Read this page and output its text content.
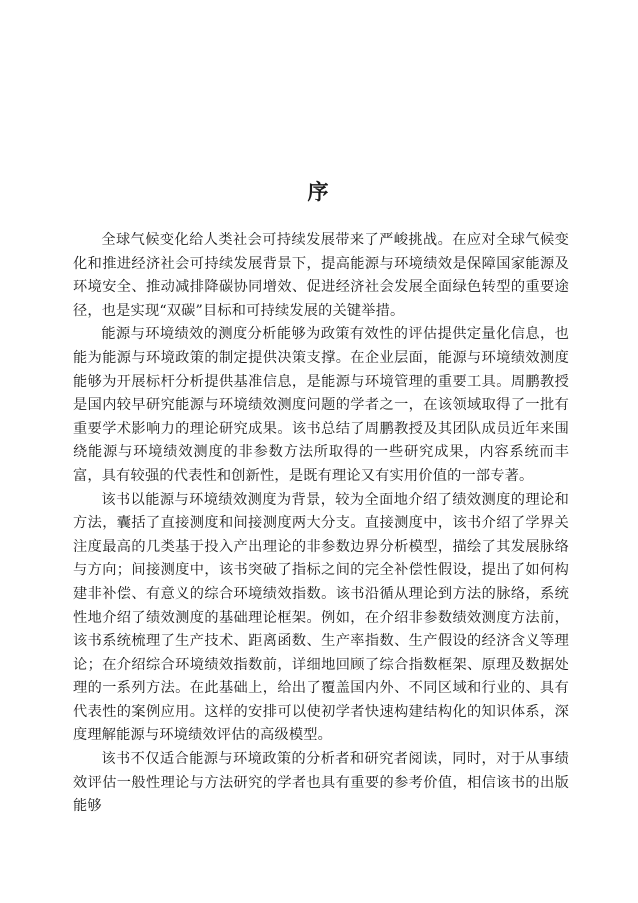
序

全球气候变化给人类社会可持续发展带来了严峻挑战。在应对全球气候变化和推进经济社会可持续发展背景下，提高能源与环境绩效是保障国家能源及环境安全、推动减排降碳协同增效、促进经济社会发展全面绿色转型的重要途径，也是实现“双碳”目标和可持续发展的关键举措。

能源与环境绩效的测度分析能够为政策有效性的评估提供定量化信息，也能为能源与环境政策的制定提供决策支撑。在企业层面，能源与环境绩效测度能够为开展标杆分析提供基准信息，是能源与环境管理的重要工具。周鹏教授是国内较早研究能源与环境绩效测度问题的学者之一，在该领域取得了一批有重要学术影响力的理论研究成果。该书总结了周鹏教授及其团队成员近年来围绕能源与环境绩效测度的非参数方法所取得的一些研究成果，内容系统而丰富，具有较强的代表性和创新性，是既有理论又有实用价值的一部专著。

该书以能源与环境绩效测度为背景，较为全面地介绍了绩效测度的理论和方法，囊括了直接测度和间接测度两大分支。直接测度中，该书介绍了学界关注度最高的几类基于投入产出理论的非参数边界分析模型，描绘了其发展脉络与方向；间接测度中，该书突破了指标之间的完全补偿性假设，提出了如何构建非补偿、有意义的综合环境绩效指数。该书沿循从理论到方法的脉络，系统性地介绍了绩效测度的基础理论框架。例如，在介绍非参数绩效测度方法前，该书系统梳理了生产技术、距离函数、生产率指数、生产假设的经济含义等理论；在介绍综合环境绩效指数前，详细地回顾了综合指数框架、原理及数据处理的一系列方法。在此基础上，给出了覆盖国内外、不同区域和行业的、具有代表性的案例应用。这样的安排可以使初学者快速构建结构化的知识体系，深度理解能源与环境绩效评估的高级模型。

该书不仅适合能源与环境政策的分析者和研究者阅读，同时，对于从事绩效评估一般性理论与方法研究的学者也具有重要的参考价值，相信该书的出版能够
